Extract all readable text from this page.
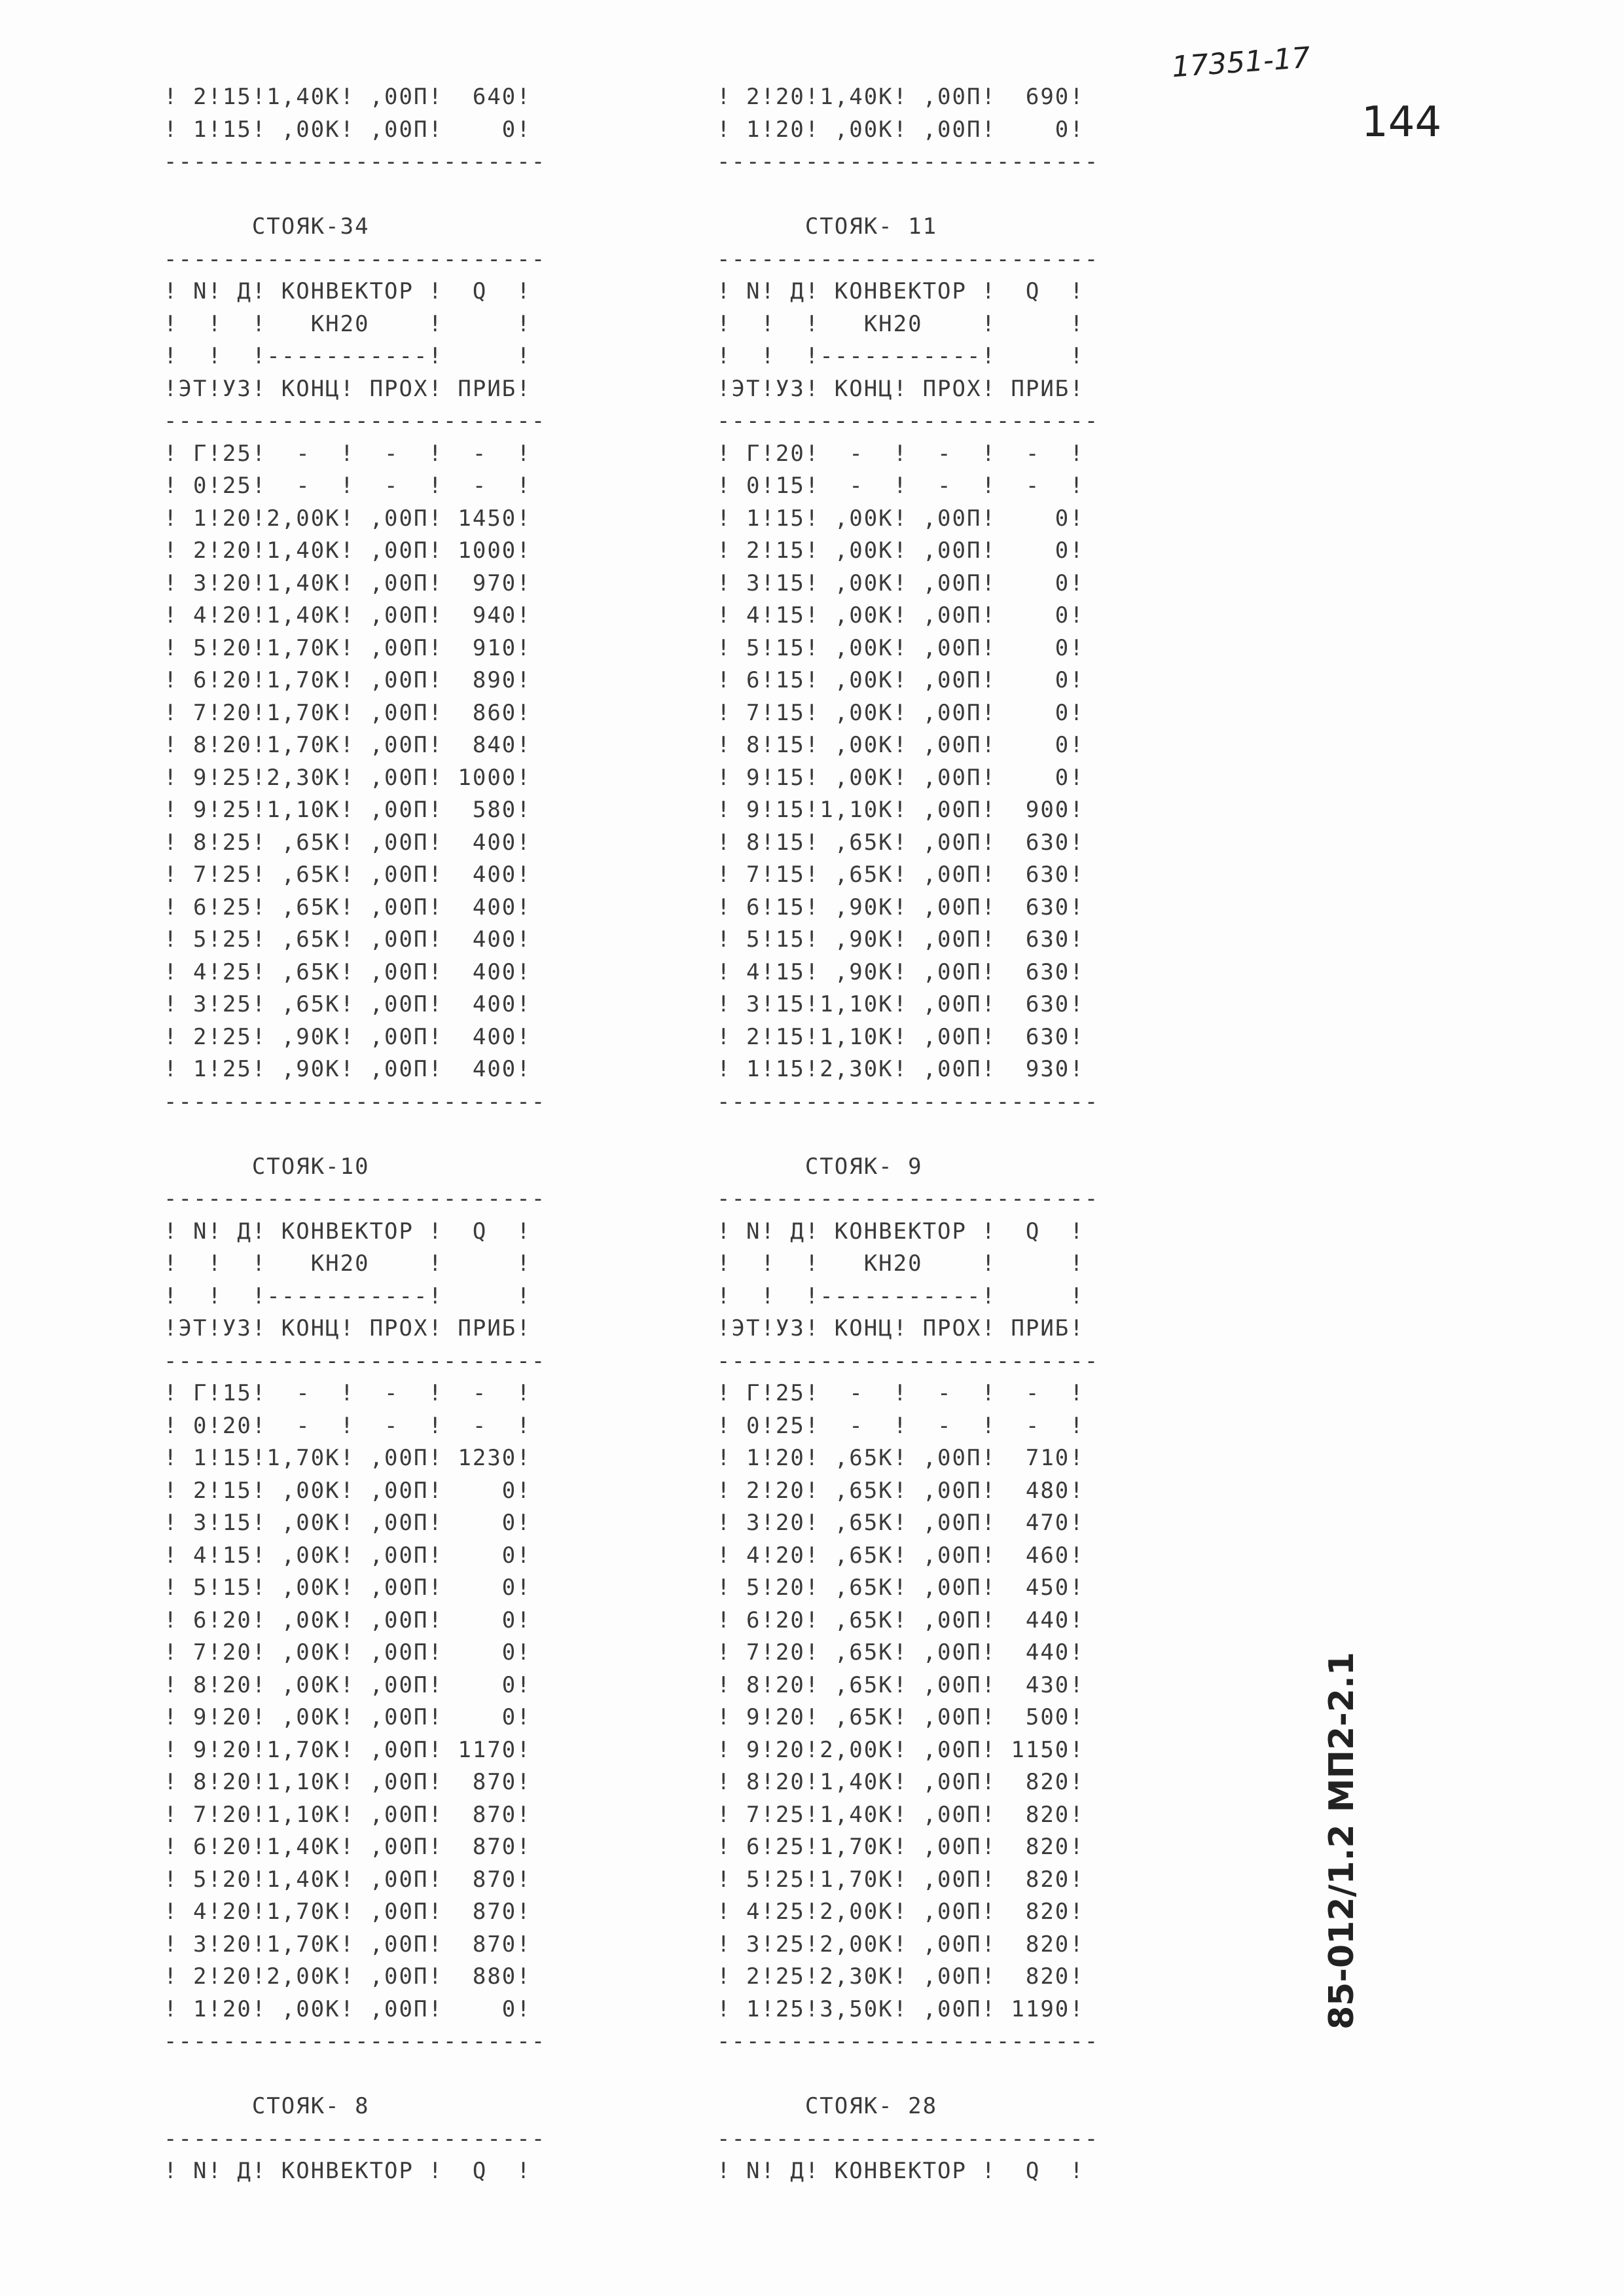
17351-17
144
! 2!15!1,40К! ,00П!  640!
! 1!15! ,00К! ,00П!    0!
--------------------------

СТОЯК-34
--------------------------
! N! Д! КОНВЕКТОР !  Q  !
!  !  !   КН20    !     !
!  !  !-----------!     !
!ЭТ!УЗ! КОНЦ! ПРОХ! ПРИБ!
--------------------------
! Г!25!  -  !  -  !  -  !
! 0!25!  -  !  -  !  -  !
! 1!20!2,00К! ,00П! 1450!
! 2!20!1,40К! ,00П! 1000!
! 3!20!1,40К! ,00П!  970!
! 4!20!1,40К! ,00П!  940!
! 5!20!1,70К! ,00П!  910!
! 6!20!1,70К! ,00П!  890!
! 7!20!1,70К! ,00П!  860!
! 8!20!1,70К! ,00П!  840!
! 9!25!2,30К! ,00П! 1000!
! 9!25!1,10К! ,00П!  580!
! 8!25! ,65К! ,00П!  400!
! 7!25! ,65К! ,00П!  400!
! 6!25! ,65К! ,00П!  400!
! 5!25! ,65К! ,00П!  400!
! 4!25! ,65К! ,00П!  400!
! 3!25! ,65К! ,00П!  400!
! 2!25! ,90К! ,00П!  400!
! 1!25! ,90К! ,00П!  400!
--------------------------

СТОЯК-10
--------------------------
! N! Д! КОНВЕКТОР !  Q  !
!  !  !   КН20    !     !
!  !  !-----------!     !
!ЭТ!УЗ! КОНЦ! ПРОХ! ПРИБ!
--------------------------
! Г!15!  -  !  -  !  -  !
! 0!20!  -  !  -  !  -  !
! 1!15!1,70К! ,00П! 1230!
! 2!15! ,00К! ,00П!    0!
! 3!15! ,00К! ,00П!    0!
! 4!15! ,00К! ,00П!    0!
! 5!15! ,00К! ,00П!    0!
! 6!20! ,00К! ,00П!    0!
! 7!20! ,00К! ,00П!    0!
! 8!20! ,00К! ,00П!    0!
! 9!20! ,00К! ,00П!    0!
! 9!20!1,70К! ,00П! 1170!
! 8!20!1,10К! ,00П!  870!
! 7!20!1,10К! ,00П!  870!
! 6!20!1,40К! ,00П!  870!
! 5!20!1,40К! ,00П!  870!
! 4!20!1,70К! ,00П!  870!
! 3!20!1,70К! ,00П!  870!
! 2!20!2,00К! ,00П!  880!
! 1!20! ,00К! ,00П!    0!
--------------------------

СТОЯК- 8
--------------------------
! N! Д! КОНВЕКТОР !  Q  !
! 2!20!1,40К! ,00П!  690!
! 1!20! ,00К! ,00П!    0!
--------------------------

СТОЯК- 11
--------------------------
! N! Д! КОНВЕКТОР !  Q  !
!  !  !   КН20    !     !
!  !  !-----------!     !
!ЭТ!УЗ! КОНЦ! ПРОХ! ПРИБ!
--------------------------
! Г!20!  -  !  -  !  -  !
! 0!15!  -  !  -  !  -  !
! 1!15! ,00К! ,00П!    0!
! 2!15! ,00К! ,00П!    0!
! 3!15! ,00К! ,00П!    0!
! 4!15! ,00К! ,00П!    0!
! 5!15! ,00К! ,00П!    0!
! 6!15! ,00К! ,00П!    0!
! 7!15! ,00К! ,00П!    0!
! 8!15! ,00К! ,00П!    0!
! 9!15! ,00К! ,00П!    0!
! 9!15!1,10К! ,00П!  900!
! 8!15! ,65К! ,00П!  630!
! 7!15! ,65К! ,00П!  630!
! 6!15! ,90К! ,00П!  630!
! 5!15! ,90К! ,00П!  630!
! 4!15! ,90К! ,00П!  630!
! 3!15!1,10К! ,00П!  630!
! 2!15!1,10К! ,00П!  630!
! 1!15!2,30К! ,00П!  930!
--------------------------

СТОЯК- 9
--------------------------
! N! Д! КОНВЕКТОР !  Q  !
!  !  !   КН20    !     !
!  !  !-----------!     !
!ЭТ!УЗ! КОНЦ! ПРОХ! ПРИБ!
--------------------------
! Г!25!  -  !  -  !  -  !
! 0!25!  -  !  -  !  -  !
! 1!20! ,65К! ,00П!  710!
! 2!20! ,65К! ,00П!  480!
! 3!20! ,65К! ,00П!  470!
! 4!20! ,65К! ,00П!  460!
! 5!20! ,65К! ,00П!  450!
! 6!20! ,65К! ,00П!  440!
! 7!20! ,65К! ,00П!  440!
! 8!20! ,65К! ,00П!  430!
! 9!20! ,65К! ,00П!  500!
! 9!20!2,00К! ,00П! 1150!
! 8!20!1,40К! ,00П!  820!
! 7!25!1,40К! ,00П!  820!
! 6!25!1,70К! ,00П!  820!
! 5!25!1,70К! ,00П!  820!
! 4!25!2,00К! ,00П!  820!
! 3!25!2,00К! ,00П!  820!
! 2!25!2,30К! ,00П!  820!
! 1!25!3,50К! ,00П! 1190!
--------------------------

СТОЯК- 28
--------------------------
! N! Д! КОНВЕКТОР !  Q  !
85-012/1.2 МП2-2.1
